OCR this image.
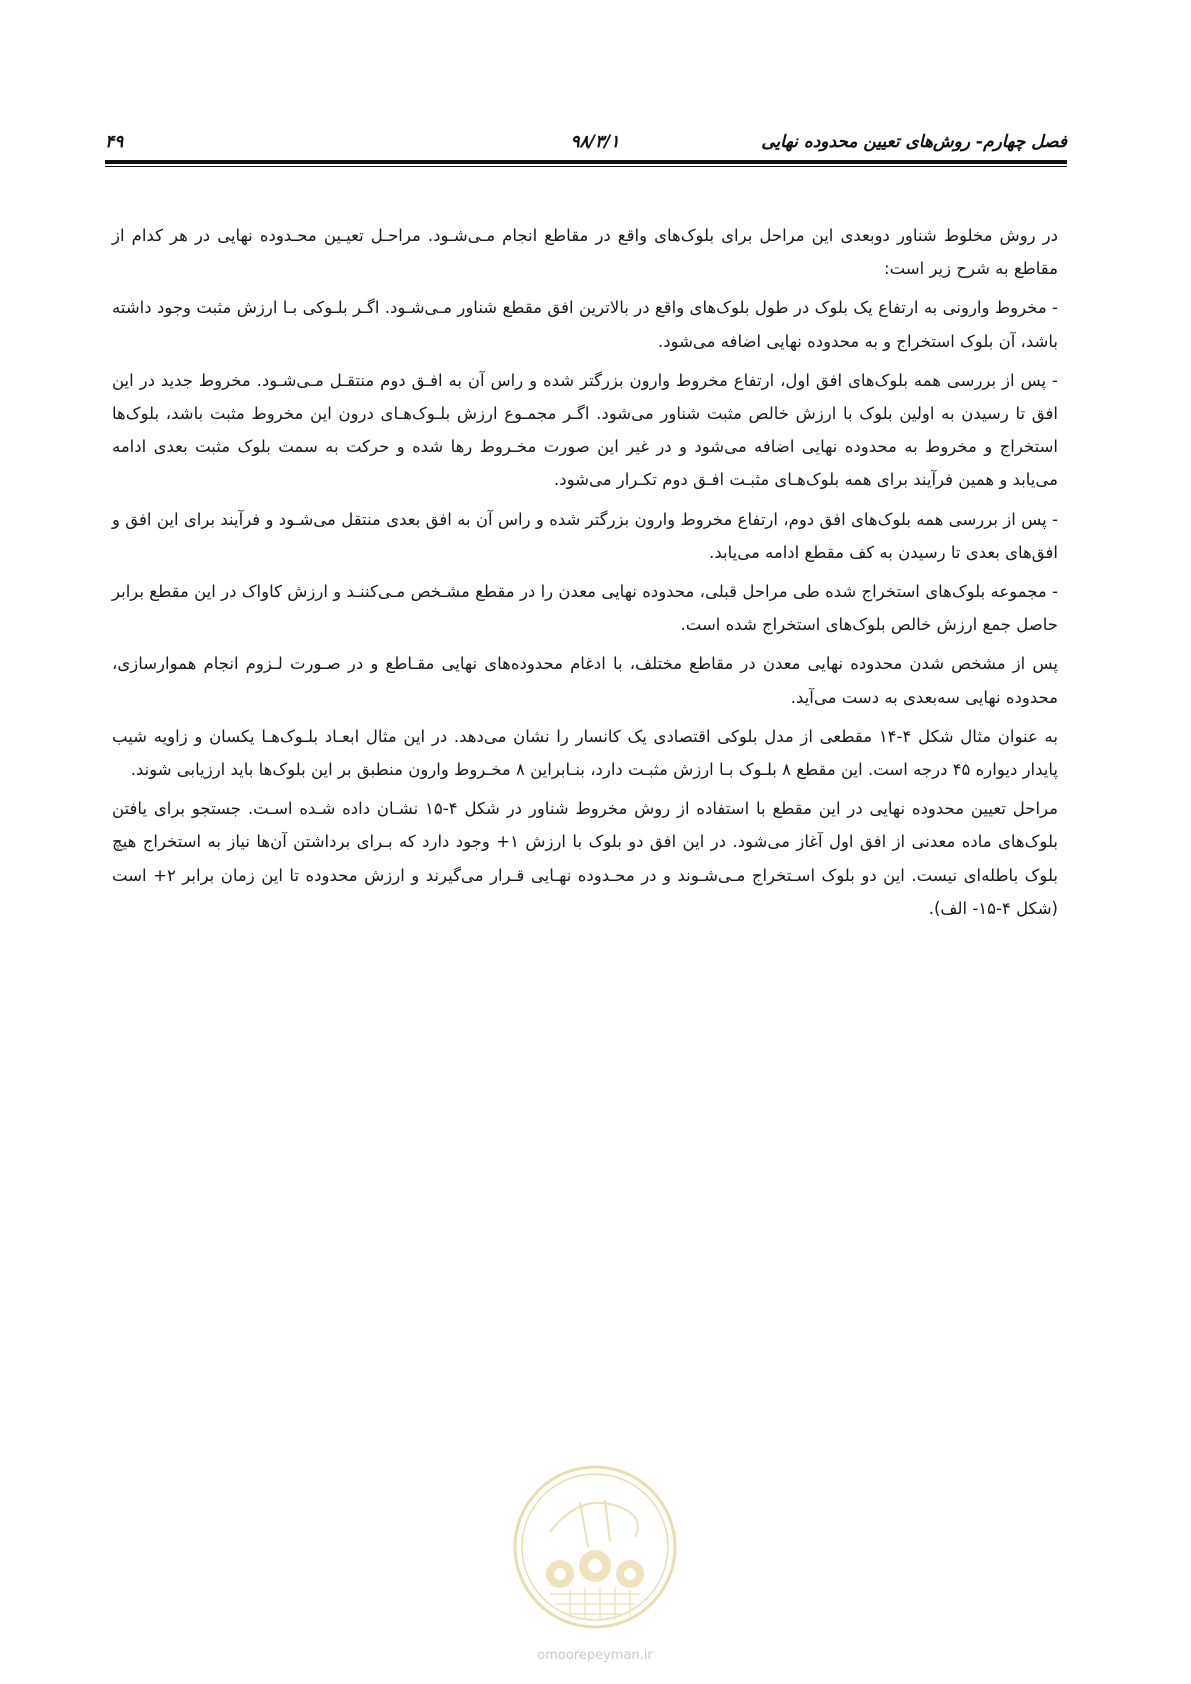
فصل چهارم- روش‌های تعیین محدوده نهایی
۹۸/۳/۱
۴۹

در روش مخلوط شناور دوبعدی این مراحل برای بلوک‌های واقع در مقاطع انجام مـی‌شـود. مراحـل تعیـین محـدوده نهایی در هر کدام از مقاطع به شرح زیر است:

- مخروط وارونی به ارتفاع یک بلوک در طول بلوک‌های واقع در بالاترین افق مقطع شناور مـی‌شـود. اگـر بلـوکی بـا ارزش مثبت وجود داشته باشد، آن بلوک استخراج و به محدوده نهایی اضافه می‌شود.

- پس از بررسی همه بلوک‌های افق اول، ارتفاع مخروط وارون بزرگتر شده و راس آن به افـق دوم منتقـل مـی‌شـود. مخروط جدید در این افق تا رسیدن به اولین بلوک با ارزش خالص مثبت شناور می‌شود. اگـر مجمـوع ارزش بلـوک‌هـای درون این مخروط مثبت باشد، بلوک‌ها استخراج و مخروط به محدوده نهایی اضافه می‌شود و در غیر این صورت مخـروط رها شده و حرکت به سمت بلوک مثبت بعدی ادامه می‌یابد و همین فرآیند برای همه بلوک‌هـای مثبـت افـق دوم تکـرار می‌شود.

- پس از بررسی همه بلوک‌های افق دوم، ارتفاع مخروط وارون بزرگتر شده و راس آن به افق بعدی منتقل می‌شـود و فرآیند برای این افق و افق‌های بعدی تا رسیدن به کف مقطع ادامه می‌یابد.

- مجموعه بلوک‌های استخراج شده طی مراحل قبلی، محدوده نهایی معدن را در مقطع مشـخص مـی‌کننـد و ارزش کاواک در این مقطع برابر حاصل جمع ارزش خالص بلوک‌های استخراج شده است.

پس از مشخص شدن محدوده نهایی معدن در مقاطع مختلف، با ادغام محدوده‌های نهایی مقـاطع و در صـورت لـزوم انجام هموارسازی، محدوده نهایی سه‌بعدی به دست می‌آید.

به عنوان مثال شکل ۴-۱۴ مقطعی از مدل بلوکی اقتصادی یک کانسار را نشان می‌دهد. در این مثال ابعـاد بلـوک‌هـا یکسان و زاویه شیب پایدار دیواره ۴۵ درجه است. این مقطع ۸ بلـوک بـا ارزش مثبـت دارد، بنـابراین ۸ مخـروط وارون منطبق بر این بلوک‌ها باید ارزیابی شوند.

مراحل تعیین محدوده نهایی در این مقطع با استفاده از روش مخروط شناور در شکل ۴-۱۵ نشـان داده شـده اسـت. جستجو برای یافتن بلوک‌های ماده معدنی از افق اول آغاز می‌شود. در این افق دو بلوک با ارزش ۱+ وجود دارد که بـرای برداشتن آن‌ها نیاز به استخراج هیچ بلوک باطله‌ای نیست. این دو بلوک اسـتخراج مـی‌شـوند و در محـدوده نهـایی قـرار می‌گیرند و ارزش محدوده تا این زمان برابر ۲+ است (شکل ۴-۱۵- الف).

omoorepeyman.ir
